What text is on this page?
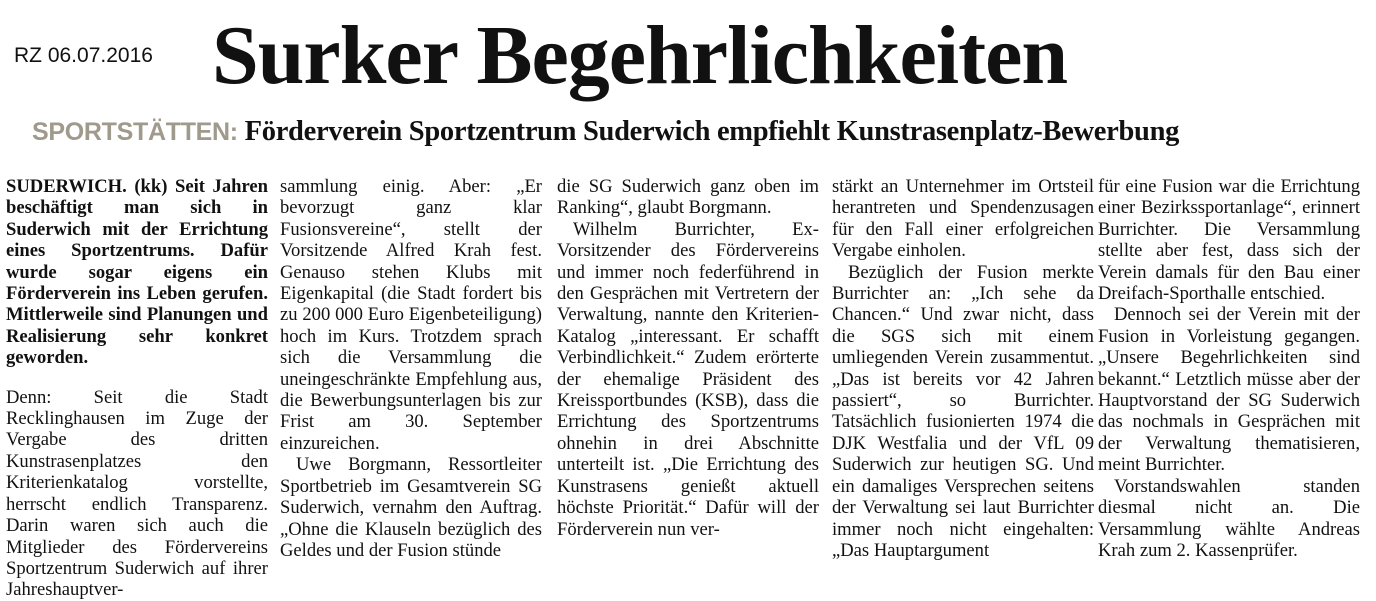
RZ 06.07.2016 Surker Begehrlichkeiten
SPORTSTÄTTEN: Förderverein Sportzentrum Suderwich empfiehlt Kunstrasenplatz-Bewerbung

SUDERWICH. (kk) Seit Jahren beschäftigt man sich in Suderwich mit der Errichtung eines Sportzentrums. Dafür wurde sogar eigens ein Förderverein ins Leben gerufen. Mittlerweile sind Planungen und Realisierung sehr konkret geworden.

Denn: Seit die Stadt Recklinghausen im Zuge der Vergabe des dritten Kunstrasenplatzes den Kriterienkatalog vorstellte, herrscht endlich Transparenz. Darin waren sich auch die Mitglieder des Fördervereins Sportzentrum Suderwich auf ihrer Jahreshauptver-

sammlung einig. Aber: „Er bevorzugt ganz klar Fusionsvereine“, stellt der Vorsitzende Alfred Krah fest. Genauso stehen Klubs mit Eigenkapital (die Stadt fordert bis zu 200 000 Euro Eigenbeteiligung) hoch im Kurs. Trotzdem sprach sich die Versammlung die uneingeschränkte Empfehlung aus, die Bewerbungsunterlagen bis zur Frist am 30. September einzureichen.

Uwe Borgmann, Ressortleiter Sportbetrieb im Gesamtverein SG Suderwich, vernahm den Auftrag. „Ohne die Klauseln bezüglich des Geldes und der Fusion stünde

die SG Suderwich ganz oben im Ranking“, glaubt Borgmann.

Wilhelm Burrichter, Ex-Vorsitzender des Fördervereins und immer noch federführend in den Gesprächen mit Vertretern der Verwaltung, nannte den Kriterien-Katalog „interessant. Er schafft Verbindlichkeit.“ Zudem erörterte der ehemalige Präsident des Kreissportbundes (KSB), dass die Errichtung des Sportzentrums ohnehin in drei Abschnitte unterteilt ist. „Die Errichtung des Kunstrasens genießt aktuell höchste Priorität.“ Dafür will der Förderverein nun ver-

stärkt an Unternehmer im Ortsteil herantreten und Spendenzusagen für den Fall einer erfolgreichen Vergabe einholen.

Bezüglich der Fusion merkte Burrichter an: „Ich sehe da Chancen.“ Und zwar nicht, dass die SGS sich mit einem umliegenden Verein zusammentut. „Das ist bereits vor 42 Jahren passiert“, so Burrichter. Tatsächlich fusionierten 1974 die DJK Westfalia und der VfL 09 Suderwich zur heutigen SG. Und ein damaliges Versprechen seitens der Verwaltung sei laut Burrichter immer noch nicht eingehalten: „Das Hauptargument

für eine Fusion war die Errichtung einer Bezirkssportanlage“, erinnert Burrichter. Die Versammlung stellte aber fest, dass sich der Verein damals für den Bau einer Dreifach-Sporthalle entschied.

Dennoch sei der Verein mit der Fusion in Vorleistung gegangen. „Unsere Begehrlichkeiten sind bekannt.“ Letztlich müsse aber der Hauptvorstand der SG Suderwich das nochmals in Gesprächen mit der Verwaltung thematisieren, meint Burrichter.

Vorstandswahlen standen diesmal nicht an. Die Versammlung wählte Andreas Krah zum 2. Kassenprüfer.
